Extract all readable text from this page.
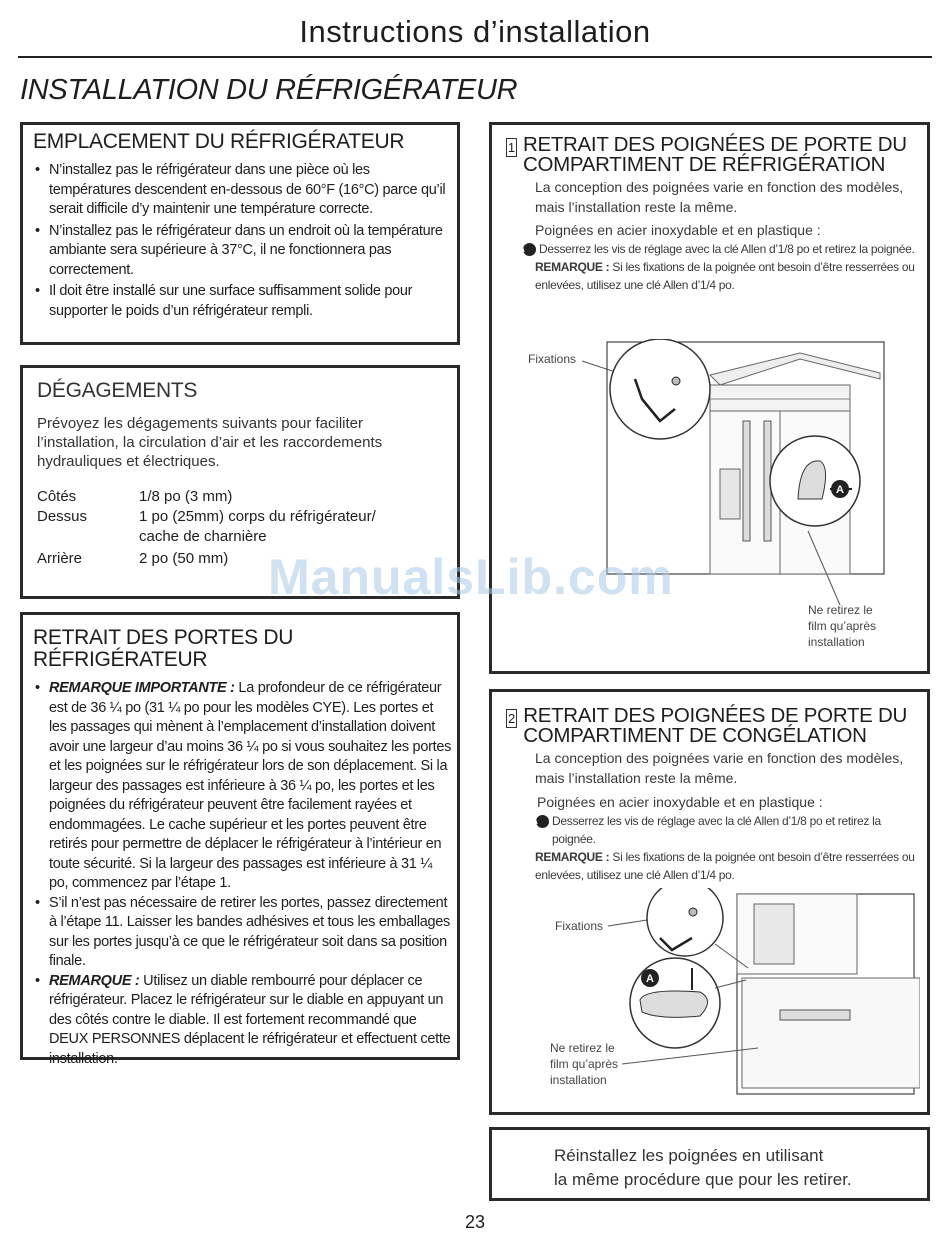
Instructions d’installation
INSTALLATION DU RÉFRIGÉRATEUR
EMPLACEMENT DU RÉFRIGÉRATEUR
• N’installez pas le réfrigérateur dans une pièce où les températures descendent en-dessous de 60°F (16°C) parce qu’il serait difficile d’y maintenir une température correcte.
• N’installez pas le réfrigérateur dans un endroit où la température ambiante sera supérieure à 37°C, il ne fonctionnera pas correctement.
• Il doit être installé sur une surface suffisamment solide pour supporter le poids d’un réfrigérateur rempli.
DÉGAGEMENTS
Prévoyez les dégagements suivants pour faciliter l’installation, la circulation d’air et les raccordements hydrauliques et électriques.
Côtés	1/8 po (3 mm)
Dessus	1 po (25mm) corps du réfrigérateur/ cache de charnière
Arrière	2 po (50 mm)
RETRAIT DES PORTES DU RÉFRIGÉRATEUR
• REMARQUE IMPORTANTE : La profondeur de ce réfrigérateur est de 36 ¼ po (31 ¼ po pour les modèles CYE). Les portes et les passages qui mènent à l’emplacement d’installation doivent avoir une largeur d’au moins 36 ¼ po si vous souhaitez les portes et les poignées sur le réfrigérateur lors de son déplacement. Si la largeur des passages est inférieure à 36 ¼ po, les portes et les poignées du réfrigérateur peuvent être facilement rayées et endommagées. Le cache supérieur et les portes peuvent être retirés pour permettre de déplacer le réfrigérateur à l’intérieur en toute sécurité. Si la largeur des passages est inférieure à 31 ¼ po, commencez par l’étape 1.
• S’il n’est pas nécessaire de retirer les portes, passez directement à l’étape 11. Laisser les bandes adhésives et tous les emballages sur les portes jusqu’à ce que le réfrigérateur soit dans sa position finale.
• REMARQUE : Utilisez un diable rembourré pour déplacer ce réfrigérateur. Placez le réfrigérateur sur le diable en appuyant un des côtés contre le diable. Il est fortement recommandé que DEUX PERSONNES déplacent le réfrigérateur et effectuent cette installation.
1 RETRAIT DES POIGNÉES DE PORTE DU COMPARTIMENT DE RÉFRIGÉRATION
La conception des poignées varie en fonction des modèles, mais l’installation reste la même.
Poignées en acier inoxydable et en plastique :
A Desserrez les vis de réglage avec la clé Allen d’1/8 po et retirez la poignée.
REMARQUE : Si les fixations de la poignée ont besoin d’être resserrées ou enlevées, utilisez une clé Allen d’1/4 po.
Fixations
A
Ne retirez le
film qu’après
installation
2 RETRAIT DES POIGNÉES DE PORTE DU COMPARTIMENT DE CONGÉLATION
La conception des poignées varie en fonction des modèles, mais l’installation reste la même.
Poignées en acier inoxydable et en plastique :
A Desserrez les vis de réglage avec la clé Allen d’1/8 po et retirez la poignée.
REMARQUE : Si les fixations de la poignée ont besoin d’être resserrées ou enlevées, utilisez une clé Allen d’1/4 po.
Fixations
A
Ne retirez le
film qu’après
installation
Réinstallez les poignées en utilisant
la même procédure que pour les retirer.
ManualsLib.com
23
